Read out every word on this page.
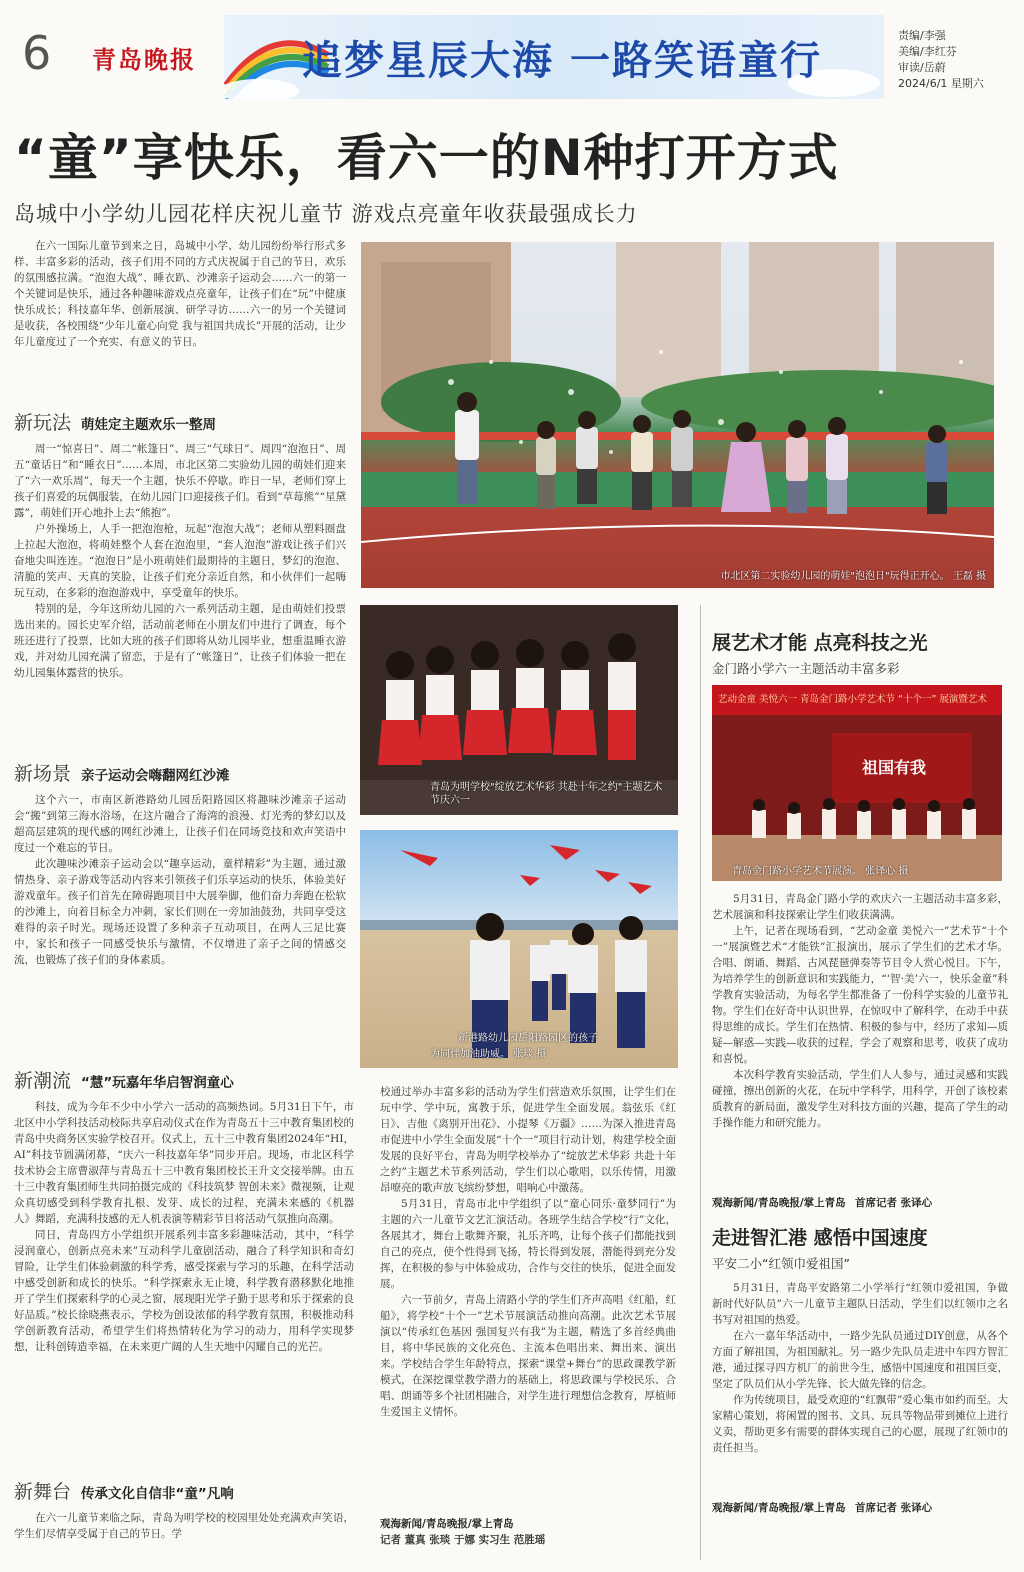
6 青岛晚报	追梦星辰大海 一路笑语童行
责编/李强
美编/李红芬
审读/岳蔚
2024/6/1 星期六
“童”享快乐，看六一的N种打开方式
岛城中小学幼儿园花样庆祝儿童节 游戏点亮童年收获最强成长力

在六一国际儿童节到来之日，岛城中小学、幼儿园纷纷举行形式多样、丰富多彩的活动，孩子们用不同的方式庆祝属于自己的节日，欢乐的氛围感拉满。“泡泡大战”、睡衣趴、沙滩亲子运动会……六一的第一个关键词是快乐，通过各种趣味游戏点亮童年，让孩子们在“玩”中健康快乐成长；科技嘉年华、创新展演、研学寻访……六一的另一个关键词是收获，各校围绕“少年儿童心向党 我与祖国共成长”开展的活动，让少年儿童度过了一个充实、有意义的节日。

新玩法 萌娃定主题欢乐一整周

周一“惊喜日”、周二“帐篷日”、周三“气球日”、周四“泡泡日”、周五“童话日”和“睡衣日”……本周，市北区第二实验幼儿园的萌娃们迎来了“六一欢乐周”，每天一个主题，快乐不停歇。昨日一早，老师们穿上孩子们喜爱的玩偶服装，在幼儿园门口迎接孩子们。看到“草莓熊”“星黛露”，萌娃们开心地扑上去“熊抱”。

户外操场上，人手一把泡泡枪，玩起“泡泡大战”；老师从塑料圈盘上拉起大泡泡，将萌娃整个人套在泡泡里，“套人泡泡”游戏让孩子们兴奋地尖叫连连。“泡泡日”是小班萌娃们最期待的主题日，梦幻的泡泡、清脆的笑声、天真的笑脸，让孩子们充分亲近自然，和小伙伴们一起嗨玩互动，在多彩的泡泡游戏中，享受童年的快乐。

特别的是，今年这所幼儿园的六一系列活动主题，是由萌娃们投票选出来的。园长史军介绍，活动前老师在小朋友们中进行了调查，每个班还进行了投票，比如大班的孩子们即将从幼儿园毕业，想重温睡衣游戏，并对幼儿园充满了留恋，于是有了“帐篷日”，让孩子们体验一把在幼儿园集体露营的快乐。

新场景 亲子运动会嗨翻网红沙滩

这个六一，市南区新港路幼儿园岳阳路园区将趣味沙滩亲子运动会“搬”到第三海水浴场，在这片融合了海湾的浪漫、灯光秀的梦幻以及超高层建筑的现代感的网红沙滩上，让孩子们在同场竞技和欢声笑语中度过一个难忘的节日。

此次趣味沙滩亲子运动会以“趣享运动，童样精彩”为主题，通过激情热身、亲子游戏等活动内容来引领孩子们乐享运动的快乐，体验美好游戏童年。孩子们首先在障碍跑项目中大展拳脚，他们奋力奔跑在松软的沙滩上，向着目标全力冲刺，家长们则在一旁加油鼓劲，共同享受这难得的亲子时光。现场还设置了多种亲子互动项目，在两人三足比赛中，家长和孩子一同感受快乐与激情，不仅增进了亲子之间的情感交流，也锻炼了孩子们的身体素质。

新潮流 “慧”玩嘉年华启智润童心

科技，成为今年不少中小学六一活动的高频热词。5月31日下午，市北区中小学科技活动校际共享启动仪式在作为青岛五十三中教育集团校的青岛中央商务区实验学校召开。仪式上，五十三中教育集团2024年“HI，AI”科技节圆满闭幕，“庆六一科技嘉年华”同步开启。现场，市北区科学技术协会主席曹淑萍与青岛五十三中教育集团校长王升文交接举牌。由五十三中教育集团师生共同拍摄完成的《科技筑梦 智创未来》微视频，让观众真切感受到科学教育扎根、发芽、成长的过程，充满未来感的《机器人》舞蹈，充满科技感的无人机表演等精彩节目将活动气氛推向高潮。

同日，青岛四方小学组织开展系列丰富多彩趣味活动，其中，“科学浸润童心，创新点亮未来”互动科学儿童剧活动，融合了科学知识和奇幻冒险，让学生们体验刺激的科学秀，感受探索与学习的乐趣，在科学活动中感受创新和成长的快乐。“科学探索永无止境，科学教育潜移默化地推开了学生们探索科学的心灵之窗，展现阳光学子勤于思考和乐于探索的良好品质。”校长徐晓燕表示，学校为创设浓郁的科学教育氛围，积极推动科学创新教育活动，希望学生们将热情转化为学习的动力，用科学实现梦想，让科创铸造幸福，在未来更广阔的人生天地中闪耀自己的光芒。

新舞台 传承文化自信非“童”凡响

在六一儿童节来临之际，青岛为明学校的校园里处处充满欢声笑语，学生们尽情享受属于自己的节日。学

市北区第二实验幼儿园的萌娃"泡泡日"玩得正开心。 王磊 摄
青岛为明学校"绽放艺术华彩 共赴十年之约"主题艺术节庆六一
新港路幼儿园岳阳路园区的孩子
为同伴加油助威。 张琰 摄

校通过举办丰富多彩的活动为学生们营造欢乐氛围，让学生们在玩中学、学中玩，寓教于乐，促进学生全面发展。翁弦乐《红日》、吉他《离别开出花》、小提琴《万疆》……为深入推进青岛市促进中小学生全面发展“十个一”项目行动计划，构建学校全面发展的良好平台，青岛为明学校举办了“绽放艺术华彩 共赴十年之约”主题艺术节系列活动，学生们以心歌唱，以乐传情，用激昂嘹亮的歌声放飞缤纷梦想，唱响心中激荡。

5月31日，青岛市北中学组织了以“童心同乐·童梦同行”为主题的六一儿童节文艺汇演活动。各班学生结合学校“行”文化，各展其才，舞台上歌舞齐聚，礼乐齐鸣，让每个孩子们都能找到自己的亮点，使个性得到飞扬，特长得到发展，潜能得到充分发挥，在积极的参与中体验成功，合作与交往的快乐，促进全面发展。

六一节前夕，青岛上清路小学的学生们齐声高唱《红船，红船》，将学校“十个一”艺术节展演活动推向高潮。此次艺术节展演以“传承红色基因 强国复兴有我”为主题，精选了多首经典曲目，将中华民族的文化亮色、主流本色唱出来、舞出来、演出来。学校结合学生年龄特点，探索“课堂+舞台”的思政课教学新模式，在深挖课堂教学潜力的基础上，将思政课与学校民乐、合唱、朗诵等多个社团相融合，对学生进行理想信念教育，厚植师生爱国主义情怀。

观海新闻/青岛晚报/掌上青岛
记者 董真 张琰 于娜 实习生 范胜瑶
展艺术才能 点亮科技之光
金门路小学六一主题活动丰富多彩
艺动金童 美悦六一 青岛金门路小学艺术节 “十个一” 展演暨艺术
祖国有我
青岛金门路小学艺术节展演。 张译心 摄

5月31日，青岛金门路小学的欢庆六一主题活动丰富多彩，艺术展演和科技探索让学生们收获满满。

上午，记者在现场看到，“艺动金童 美悦六一”艺术节“十个一”展演暨艺术“才能铁”汇报演出，展示了学生们的艺术才华。合唱、朗诵、舞蹈、古风琵琶弹奏等节目令人赏心悦目。下午，为培养学生的创新意识和实践能力，“‘智·美’六一，快乐金童”科学教育实验活动，为每名学生都准备了一份科学实验的儿童节礼物。学生们在好奇中认识世界，在惊叹中了解科学，在动手中获得思维的成长。学生们在热情、积极的参与中，经历了求知—质疑—解惑—实践—收获的过程，学会了观察和思考，收获了成功和喜悦。

本次科学教育实验活动，学生们人人参与，通过灵感和实践碰撞，擦出创新的火花，在玩中学科学，用科学，开创了该校素质教育的新局面，激发学生对科技方面的兴趣，提高了学生的动手操作能力和研究能力。

观海新闻/青岛晚报/掌上青岛 首席记者 张译心
走进智汇港 感悟中国速度
平安二小“红领巾爱祖国”

5月31日，青岛平安路第二小学举行“红领巾爱祖国，争做新时代好队员”六一儿童节主题队日活动，学生们以红领巾之名书写对祖国的热爱。

在六一嘉年华活动中，一路少先队员通过DIY创意，从各个方面了解祖国，为祖国献礼。另一路少先队员走进中车四方智汇港，通过探寻四方机厂的前世今生，感悟中国速度和祖国巨变，坚定了队员们从小学先锋、长大做先锋的信念。

作为传统项目，最受欢迎的“红飘带”爱心集市如约而至。大家精心策划，将闲置的图书、文具、玩具等物品带到摊位上进行义卖，帮助更多有需要的群体实现自己的心愿，展现了红领巾的责任担当。

观海新闻/青岛晚报/掌上青岛 首席记者 张译心
